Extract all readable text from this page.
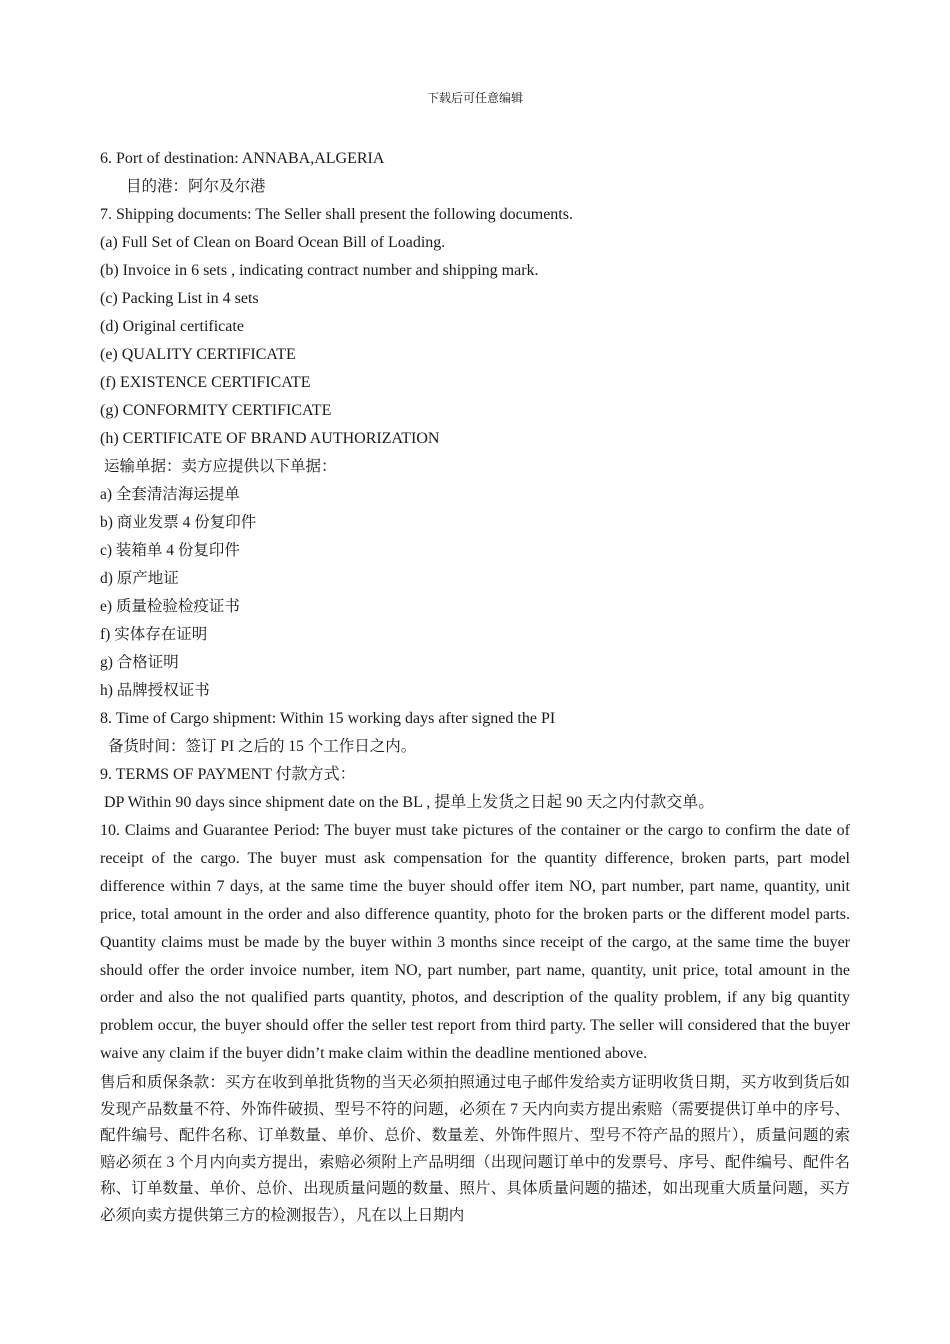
下载后可任意编辑
6. Port of destination: ANNABA,ALGERIA
目的港：阿尔及尔港
7. Shipping documents: The Seller shall present the following documents.
(a) Full Set of Clean on Board Ocean Bill of Loading.
(b) Invoice in 6 sets , indicating contract number and shipping mark.
(c) Packing List in 4 sets
(d) Original certificate
(e) QUALITY CERTIFICATE
(f) EXISTENCE CERTIFICATE
(g) CONFORMITY CERTIFICATE
(h) CERTIFICATE OF BRAND AUTHORIZATION
运输单据：卖方应提供以下单据：
a) 全套清洁海运提单
b) 商业发票 4 份复印件
c) 装箱单 4 份复印件
d) 原产地证
e) 质量检验检疫证书
f) 实体存在证明
g) 合格证明
h) 品牌授权证书
8. Time of Cargo shipment: Within 15 working days after signed the PI
备货时间：签订 PI 之后的 15 个工作日之内。
9. TERMS OF PAYMENT 付款方式：
DP Within 90 days since shipment date on the BL , 提单上发货之日起 90 天之内付款交单。
10. Claims and Guarantee Period: The buyer must take pictures of the container or the cargo to confirm the date of receipt of the cargo. The buyer must ask compensation for the quantity difference, broken parts, part model difference within 7 days, at the same time the buyer should offer item NO, part number, part name, quantity, unit price, total amount in the order and also difference quantity, photo for the broken parts or the different model parts. Quantity claims must be made by the buyer within 3 months since receipt of the cargo, at the same time the buyer should offer the order invoice number, item NO, part number, part name, quantity, unit price, total amount in the order and also the not qualified parts quantity, photos, and description of the quality problem, if any big quantity problem occur, the buyer should offer the seller test report from third party. The seller will considered that the buyer waive any claim if the buyer didn’t make claim within the deadline mentioned above.
售后和质保条款：买方在收到单批货物的当天必须拍照通过电子邮件发给卖方证明收货日期，买方收到货后如发现产品数量不符、外饰件破损、型号不符的问题，必须在 7 天内向卖方提出索赔（需要提供订单中的序号、配件编号、配件名称、订单数量、单价、总价、数量差、外饰件照片、型号不符产品的照片），质量问题的索赔必须在 3 个月内向卖方提出，索赔必须附上产品明细（出现问题订单中的发票号、序号、配件编号、配件名称、订单数量、单价、总价、出现质量问题的数量、照片、具体质量问题的描述，如出现重大质量问题，买方必须向卖方提供第三方的检测报告），凡在以上日期内
